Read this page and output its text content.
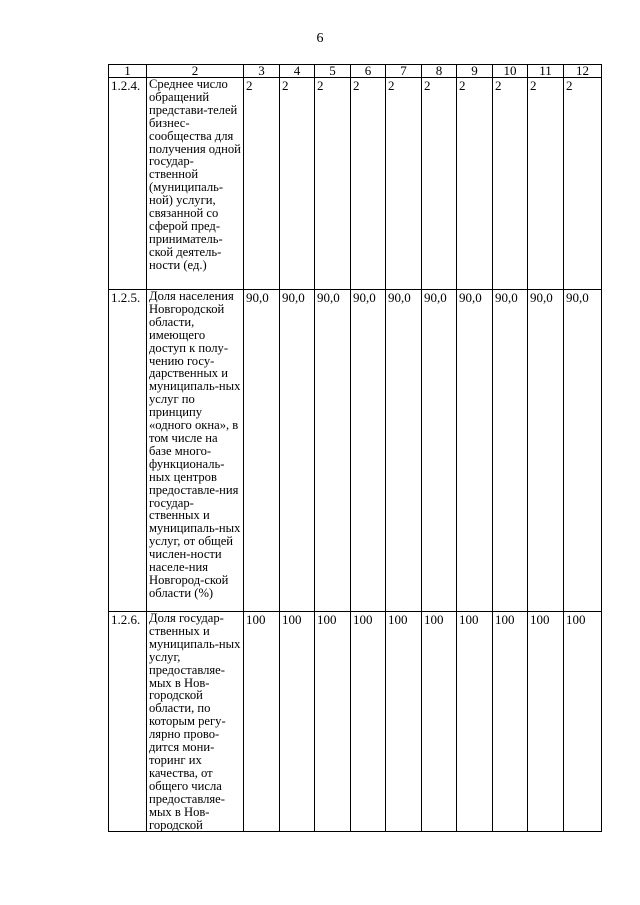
6
1	2	3	4	5	6	7	8	9	10	11	12
1.2.4.	Среднее число обращений представи-телей бизнес-сообщества для получения одной государ-ственной (муниципаль-ной) услуги, связанной со сферой пред-приниматель-ской деятель-ности (ед.)	2	2	2	2	2	2	2	2	2	2
1.2.5.	Доля населения Новгородской области, имеющего доступ к полу-чению госу-дарственных и муниципаль-ных услуг по принципу «одного окна», в том числе на базе много-функциональ-ных центров предоставле-ния государ-ственных и муниципаль-ных услуг, от общей числен-ности населе-ния Новгород-ской области (%)	90,0	90,0	90,0	90,0	90,0	90,0	90,0	90,0	90,0	90,0
1.2.6.	Доля государ-ственных и муниципаль-ных услуг, предоставляе-мых в Нов-городской области, по которым регу-лярно прово-дится мони-торинг их качества, от общего числа предоставляе-мых в Нов-городской	100	100	100	100	100	100	100	100	100	100
